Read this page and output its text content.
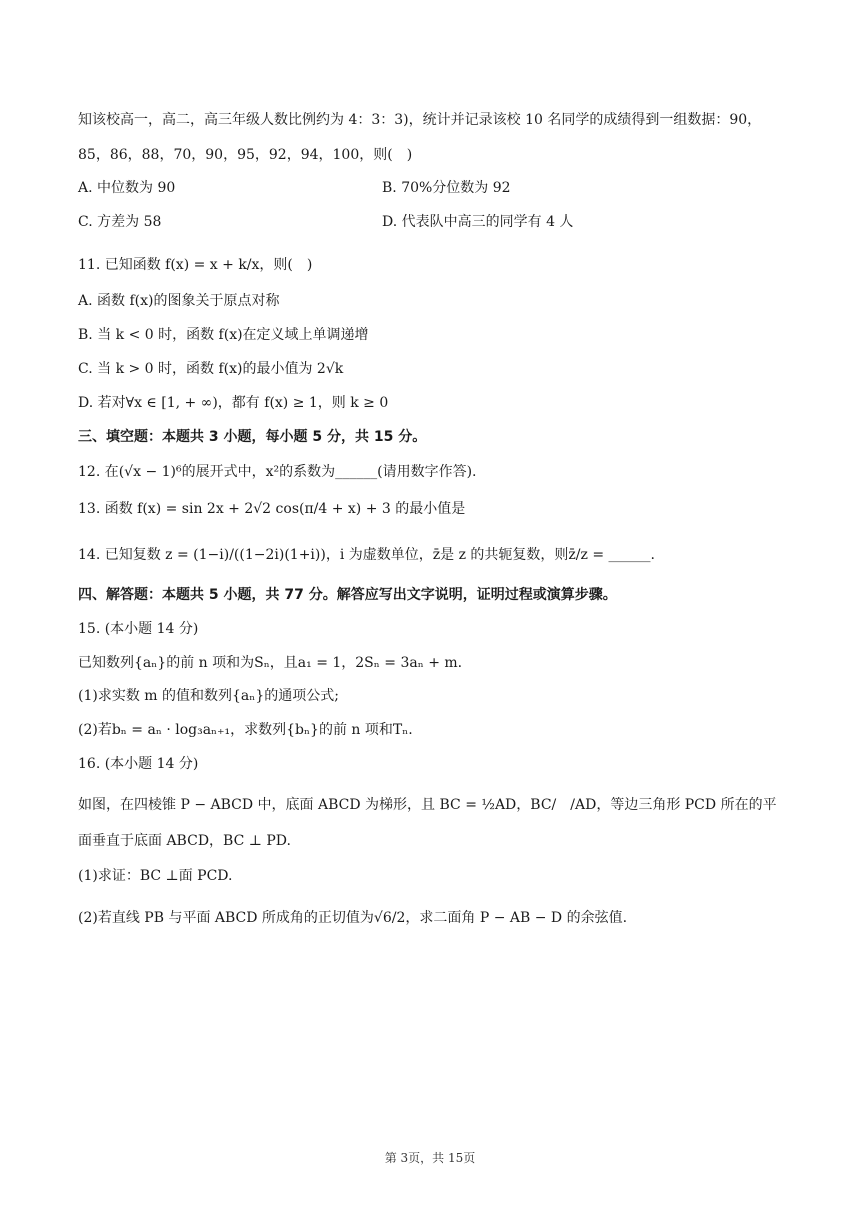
知该校高一，高二，高三年级人数比例约为 4：3：3)，统计并记录该校 10 名同学的成绩得到一组数据：90，
85，86，88，70，90，95，92，94，100，则(　)
A. 中位数为 90	B. 70%分位数为 92
C. 方差为 58	D. 代表队中高三的同学有 4 人
11. 已知函数 f(x) = x + k/x，则(　)
A. 函数 f(x)的图象关于原点对称
B. 当 k < 0 时，函数 f(x)在定义域上单调递增
C. 当 k > 0 时，函数 f(x)的最小值为 2√k
D. 若对∀x ∈ [1, + ∞)，都有 f(x) ≥ 1，则 k ≥ 0
三、填空题：本题共 3 小题，每小题 5 分，共 15 分。
12. 在(√x − 1)⁶的展开式中，x²的系数为______(请用数字作答).
13. 函数 f(x) = sin 2x + 2√2 cos(π/4 + x) + 3 的最小值是
14. 已知复数 z = (1−i)/((1−2i)(1+i))，i 为虚数单位，z̄是 z 的共轭复数，则z̄/z = ______.
四、解答题：本题共 5 小题，共 77 分。解答应写出文字说明，证明过程或演算步骤。
15. (本小题 14 分)
已知数列{aₙ}的前 n 项和为Sₙ，且a₁ = 1，2Sₙ = 3aₙ + m.
(1)求实数 m 的值和数列{aₙ}的通项公式;
(2)若bₙ = aₙ · log₃aₙ₊₁，求数列{bₙ}的前 n 项和Tₙ.
16. (本小题 14 分)
如图，在四棱锥 P − ABCD 中，底面 ABCD 为梯形，且 BC = ½AD，BC/　/AD，等边三角形 PCD 所在的平
面垂直于底面 ABCD，BC ⊥ PD.
(1)求证：BC ⊥面 PCD.
(2)若直线 PB 与平面 ABCD 所成角的正切值为√6/2，求二面角 P − AB − D 的余弦值.
第 3页，共 15页
